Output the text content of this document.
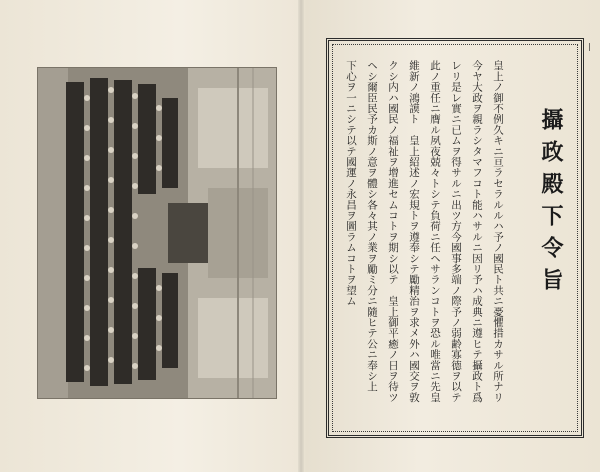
❘
攝政殿下令旨

皇上ノ御不例久キニ亘ラセラルルハ予ノ國民ト共ニ憂懼措カサル所ナリ

今ヤ大政ヲ親ラシタマフコト能ハサルニ因リ予ハ成典ニ遵ヒテ攝政ト爲

レリ是レ實ニ已ムヲ得サルニ出ツ方今國事多端ノ際予ノ弱齢寡德ヲ以テ

此ノ重任ニ膺ル夙夜兢々トシテ負荷ニ任ヘサランコトヲ恐ル唯當ニ先皇

維新ノ鴻謨ト　皇上紹述ノ宏規トヲ遵奉シテ勵精治ヲ求メ外ハ國交ヲ敦

クシ内ハ國民ノ福祉ヲ增進セムコトヲ期シ以テ　皇上御平癒ノ日ヲ待ツ

ヘシ爾臣民予カ斯ノ意ヲ體シ各々其ノ業ヲ勵ミ分ニ隨ヒテ公ニ奉シ上

下心ヲ一ニシテ以テ國運ノ永昌ヲ圖ラムコトヲ望ム
